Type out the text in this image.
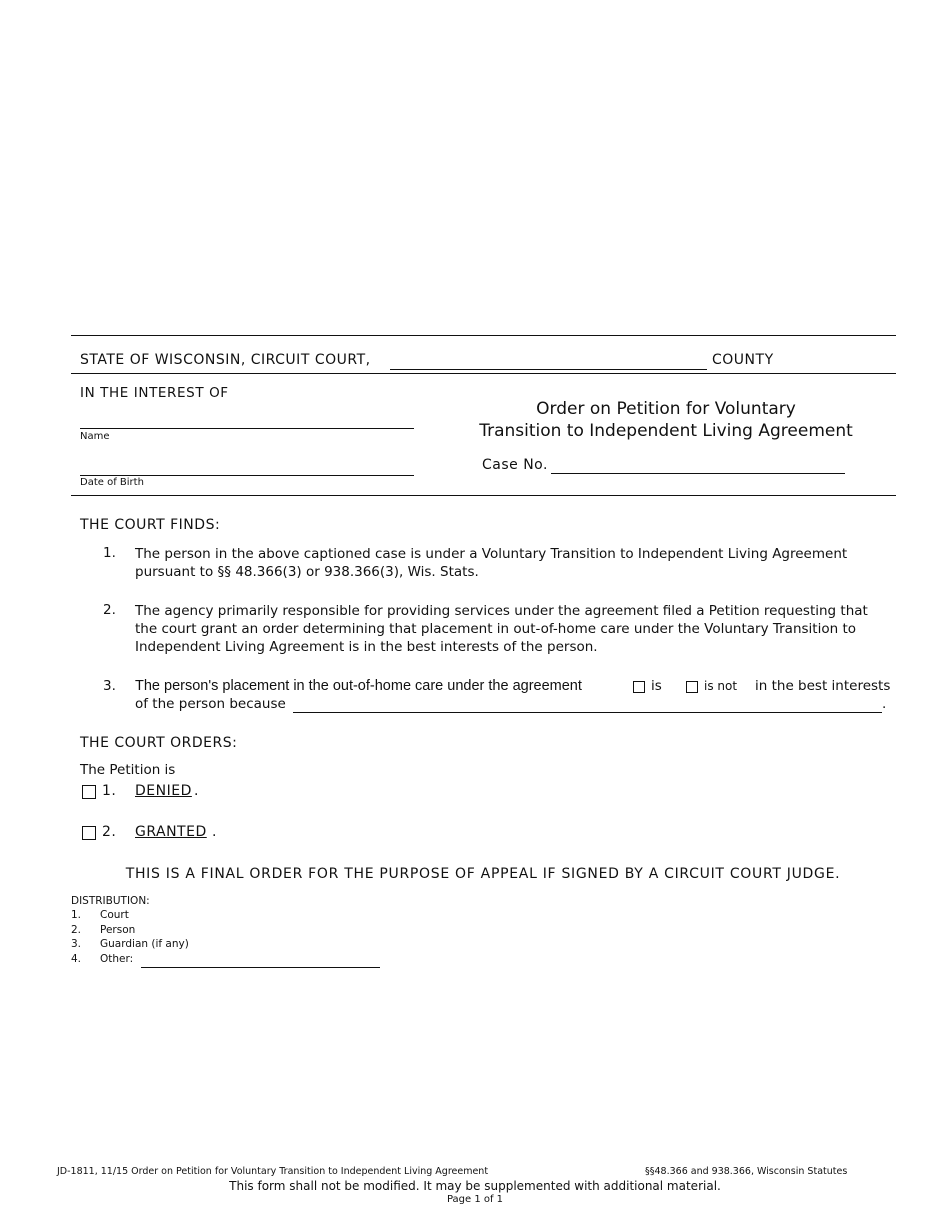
STATE OF WISCONSIN, CIRCUIT COURT,	COUNTY
IN THE INTEREST OF
Name
Date of Birth
Order on Petition for Voluntary
Transition to Independent Living Agreement
Case No.
THE COURT FINDS:
1. The person in the above captioned case is under a Voluntary Transition to Independent Living Agreement pursuant to §§ 48.366(3) or 938.366(3), Wis. Stats.
2. The agency primarily responsible for providing services under the agreement filed a Petition requesting that the court grant an order determining that placement in out-of-home care under the Voluntary Transition to Independent Living Agreement is in the best interests of the person.
3. The person's placement in the out-of-home care under the agreement	is	is not in the best interests
of the person because	.
THE COURT ORDERS:
The Petition is
1. DENIED .
2. GRANTED .
THIS IS A FINAL ORDER FOR THE PURPOSE OF APPEAL IF SIGNED BY A CIRCUIT COURT JUDGE.
DISTRIBUTION:
1. Court
2. Person
3. Guardian (if any)
4. Other:
JD-1811, 11/15 Order on Petition for Voluntary Transition to Independent Living Agreement	§§48.366 and 938.366, Wisconsin Statutes
This form shall not be modified. It may be supplemented with additional material.
Page 1 of 1
